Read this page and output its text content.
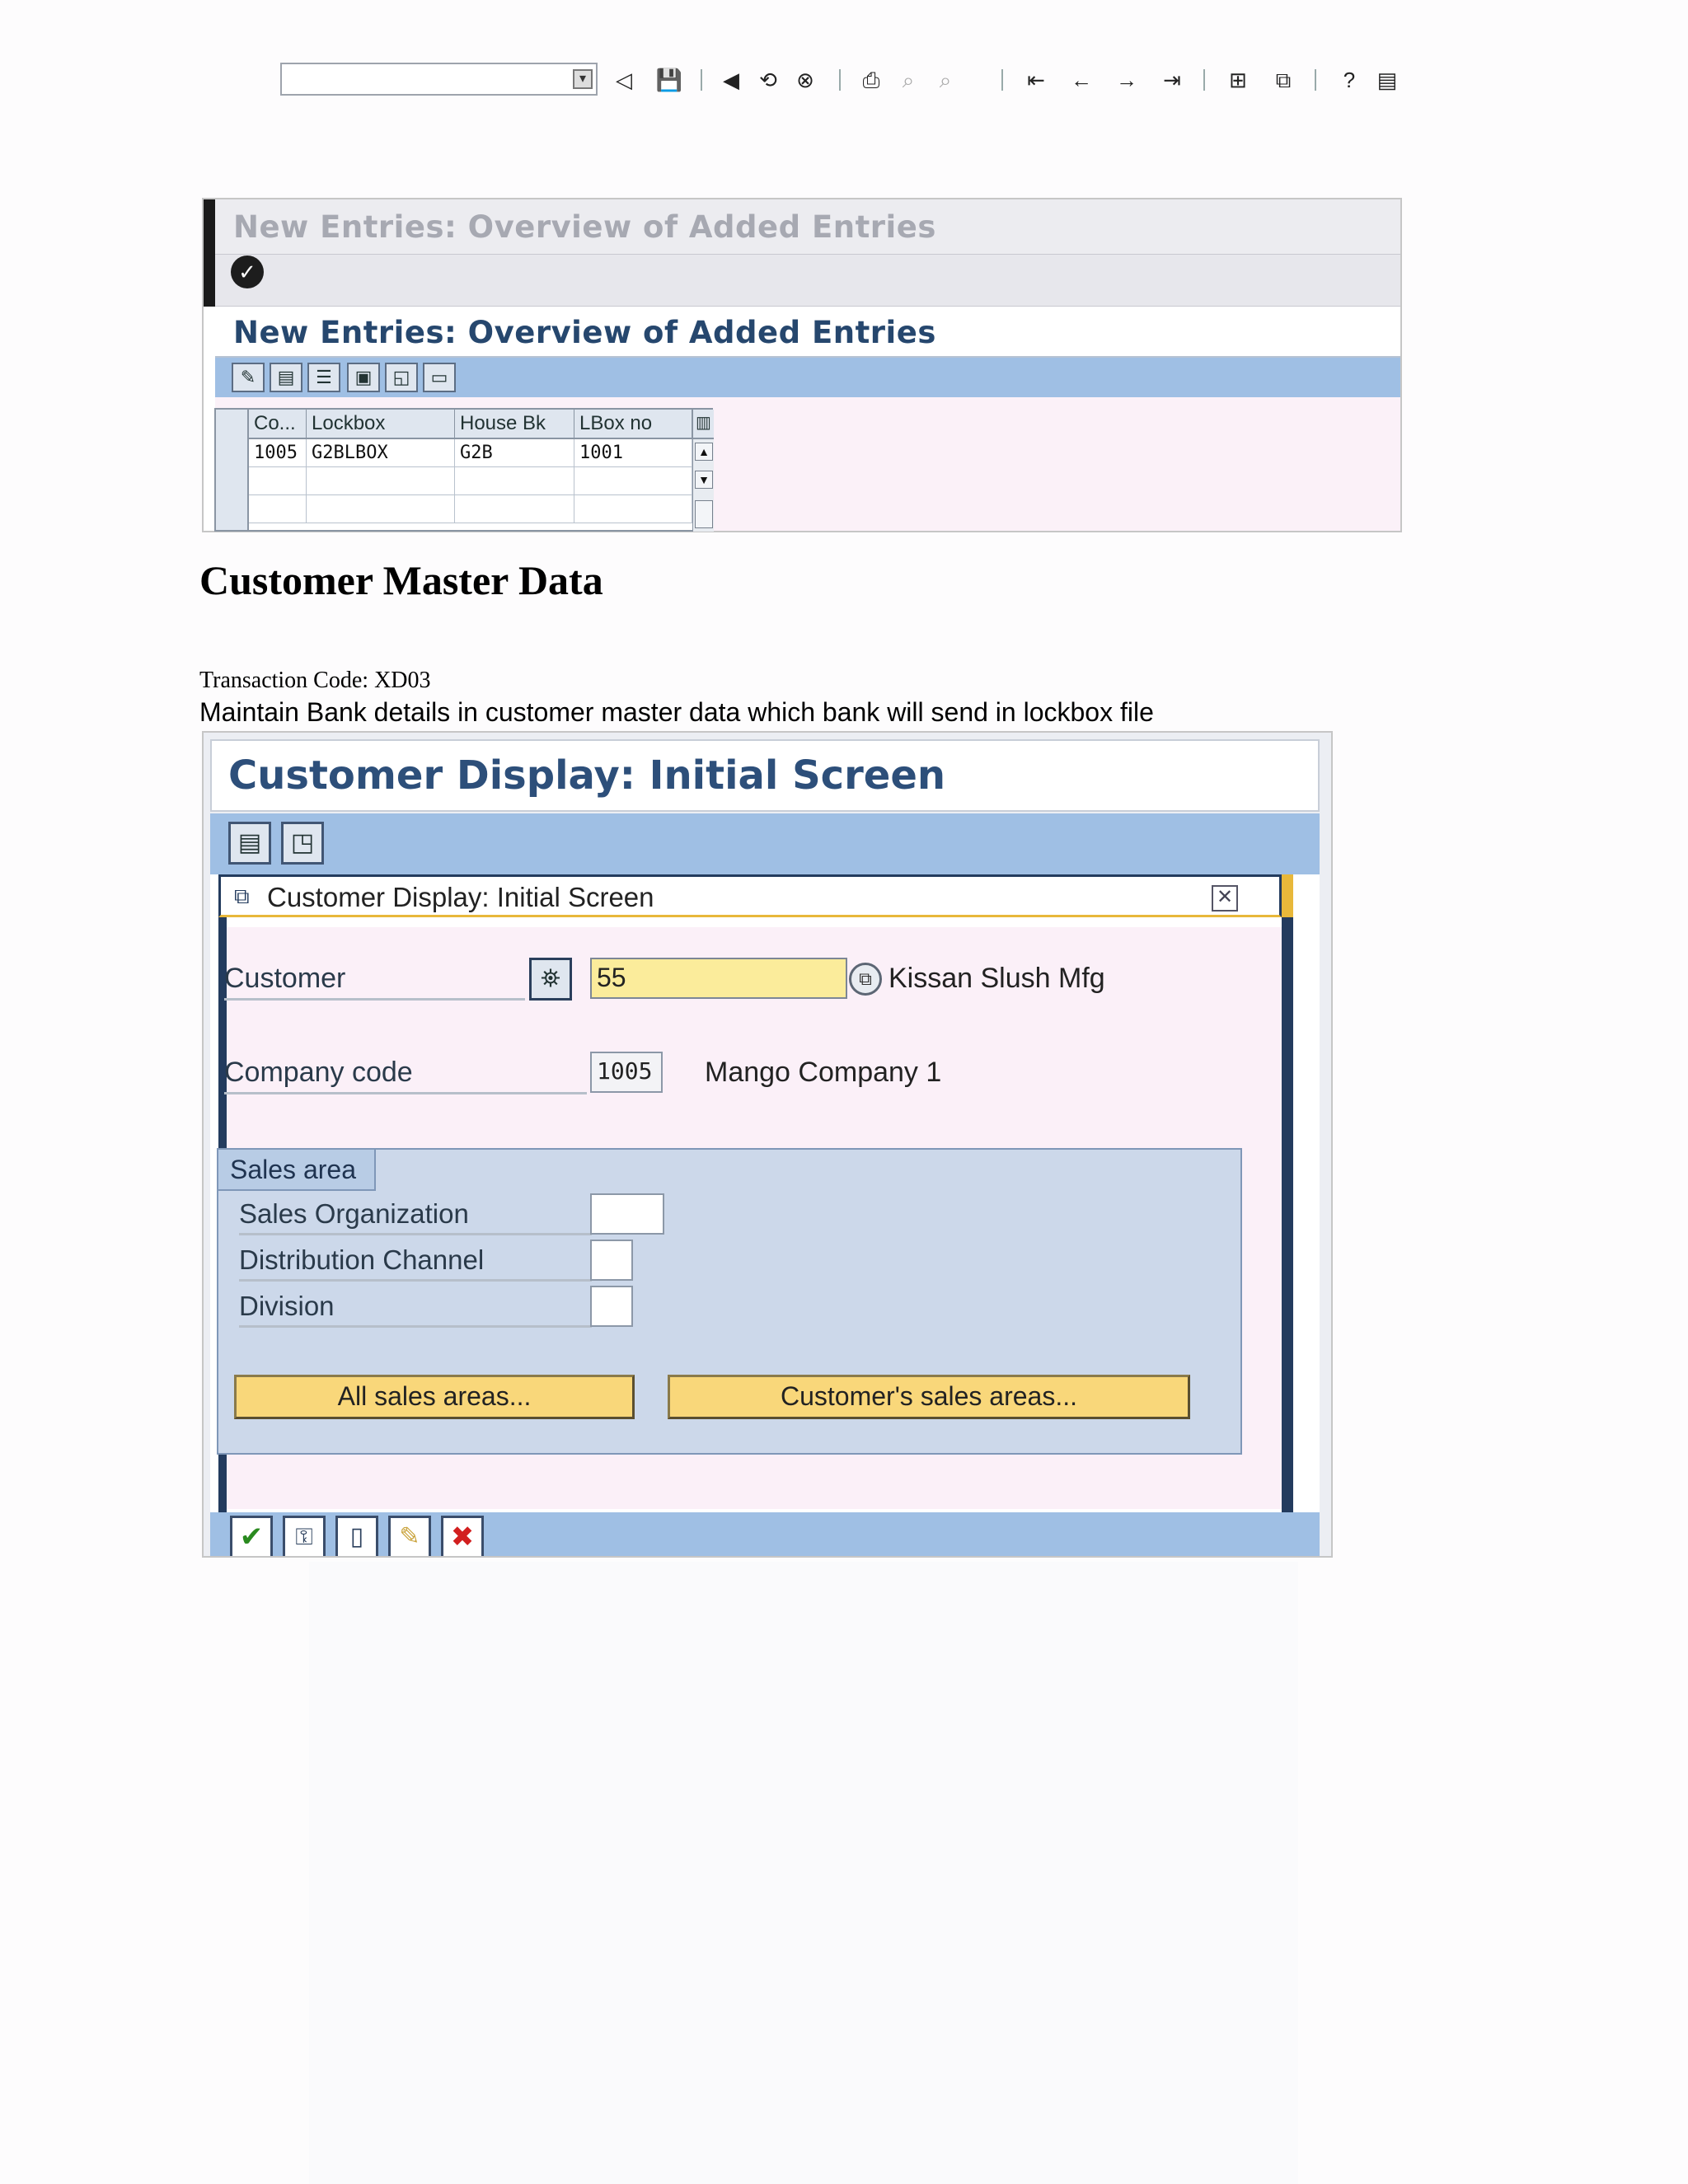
New Entries: Overview of Added Entries
New Entries: Overview of Added Entries
✎	▤	☰	▣	◱	▭
✓
▾	◁ 💾 ◀ ⟲ ⊗ ⎙	⌕	⌕	⇤ ← → ⇥ ⊞ ⧉	?	▤
Co... Lockbox	House Bk	LBox no	▥
1005 G2BLBOX	G2B	1001	▲
▼
Customer Master Data
Transaction Code: XD03
Maintain Bank details in customer master data which bank will send in lockbox file
Customer Display: Initial Screen
▤	◳
⧉ Customer Display: Initial Screen	✕
✔	⚿	▯	✎	✖
Customer	⛯	55	⧉ Kissan Slush Mfg
Company code	1005	Mango Company 1
Sales area
Sales Organization
Distribution Channel
Division
All sales areas...	Customer's sales areas...
